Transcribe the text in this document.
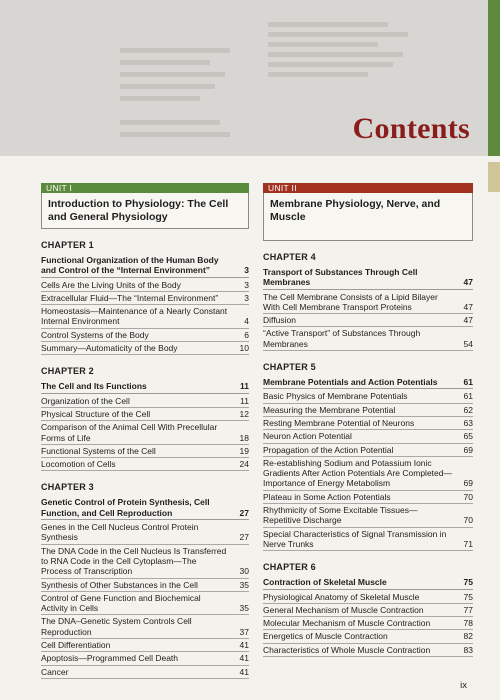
Contents
UNIT I
Introduction to Physiology: The Cell and General Physiology
CHAPTER 1
Functional Organization of the Human Body and Control of the “Internal Environment”	3
Cells Are the Living Units of the Body	3
Extracellular Fluid—The “Internal Environment”	3
Homeostasis—Maintenance of a Nearly Constant Internal Environment	4
Control Systems of the Body	6
Summary—Automaticity of the Body	10
CHAPTER 2
The Cell and Its Functions	11
Organization of the Cell	11
Physical Structure of the Cell	12
Comparison of the Animal Cell With Precellular Forms of Life	18
Functional Systems of the Cell	19
Locomotion of Cells	24
CHAPTER 3
Genetic Control of Protein Synthesis, Cell Function, and Cell Reproduction	27
Genes in the Cell Nucleus Control Protein Synthesis	27
The DNA Code in the Cell Nucleus Is Transferred to RNA Code in the Cell Cytoplasm—The Process of Transcription	30
Synthesis of Other Substances in the Cell	35
Control of Gene Function and Biochemical Activity in Cells	35
The DNA–Genetic System Controls Cell Reproduction	37
Cell Differentiation	41
Apoptosis—Programmed Cell Death	41
Cancer	41
UNIT II
Membrane Physiology, Nerve, and Muscle
CHAPTER 4
Transport of Substances Through Cell Membranes	47
The Cell Membrane Consists of a Lipid Bilayer With Cell Membrane Transport Proteins	47
Diffusion	47
“Active Transport” of Substances Through Membranes	54
CHAPTER 5
Membrane Potentials and Action Potentials	61
Basic Physics of Membrane Potentials	61
Measuring the Membrane Potential	62
Resting Membrane Potential of Neurons	63
Neuron Action Potential	65
Propagation of the Action Potential	69
Re-establishing Sodium and Potassium Ionic Gradients After Action Potentials Are Completed—Importance of Energy Metabolism	69
Plateau in Some Action Potentials	70
Rhythmicity of Some Excitable Tissues—Repetitive Discharge	70
Special Characteristics of Signal Transmission in Nerve Trunks	71
CHAPTER 6
Contraction of Skeletal Muscle	75
Physiological Anatomy of Skeletal Muscle	75
General Mechanism of Muscle Contraction	77
Molecular Mechanism of Muscle Contraction	78
Energetics of Muscle Contraction	82
Characteristics of Whole Muscle Contraction	83
ix
